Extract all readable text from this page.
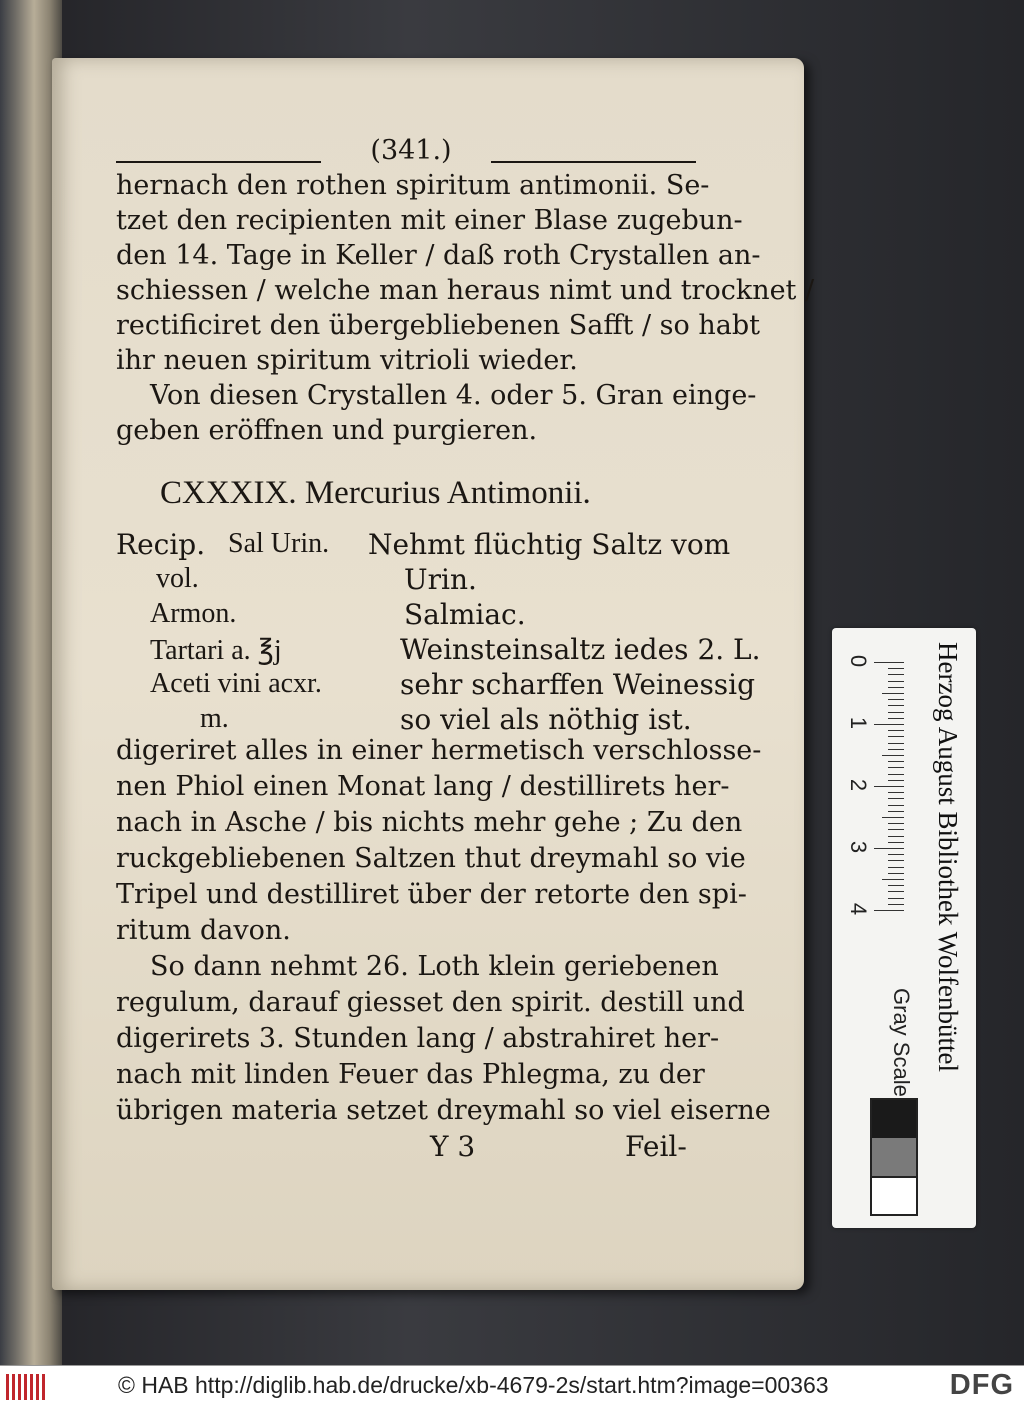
(341.)
hernach den rothen spiritum antimonii. Se-
tzet den recipienten mit einer Blase zugebun-
den 14. Tage in Keller / daß roth Crystallen an-
schiessen / welche man heraus nimt und trocknet /
rectificiret den übergebliebenen Safft / so habt
ihr neuen spiritum vitrioli wieder.
Von diesen Crystallen 4. oder 5. Gran einge-
geben eröffnen und purgieren.
CXXXIX. Mercurius Antimonii.
Recip. Sal Urin.
vol.
Armon.
Tartari a. ℥j
Aceti vini acxr.
m.
Nehmt flüchtig Saltz vom
Urin.
Salmiac.
Weinsteinsaltz iedes 2. L.
sehr scharffen Weinessig
so viel als nöthig ist.
digeriret alles in einer hermetisch verschlosse-
nen Phiol einen Monat lang / destillirets her-
nach in Asche / bis nichts mehr gehe ; Zu den
ruckgebliebenen Saltzen thut dreymahl so vie
Tripel und destilliret über der retorte den spi-
ritum davon.
So dann nehmt 26. Loth klein geriebenen
regulum, darauf giesset den spirit. destill und
digerirets 3. Stunden lang / abstrahiret her-
nach mit linden Feuer das Phlegma, zu der
übrigen materia setzet dreymahl so viel eiserne
Y 3	Feil-
0
1
2
3
4
Gray Scale Herzog August Bibliothek Wolfenbüttel
© HAB http://diglib.hab.de/drucke/xb-4679-2s/start.htm?image=00363	DFG
